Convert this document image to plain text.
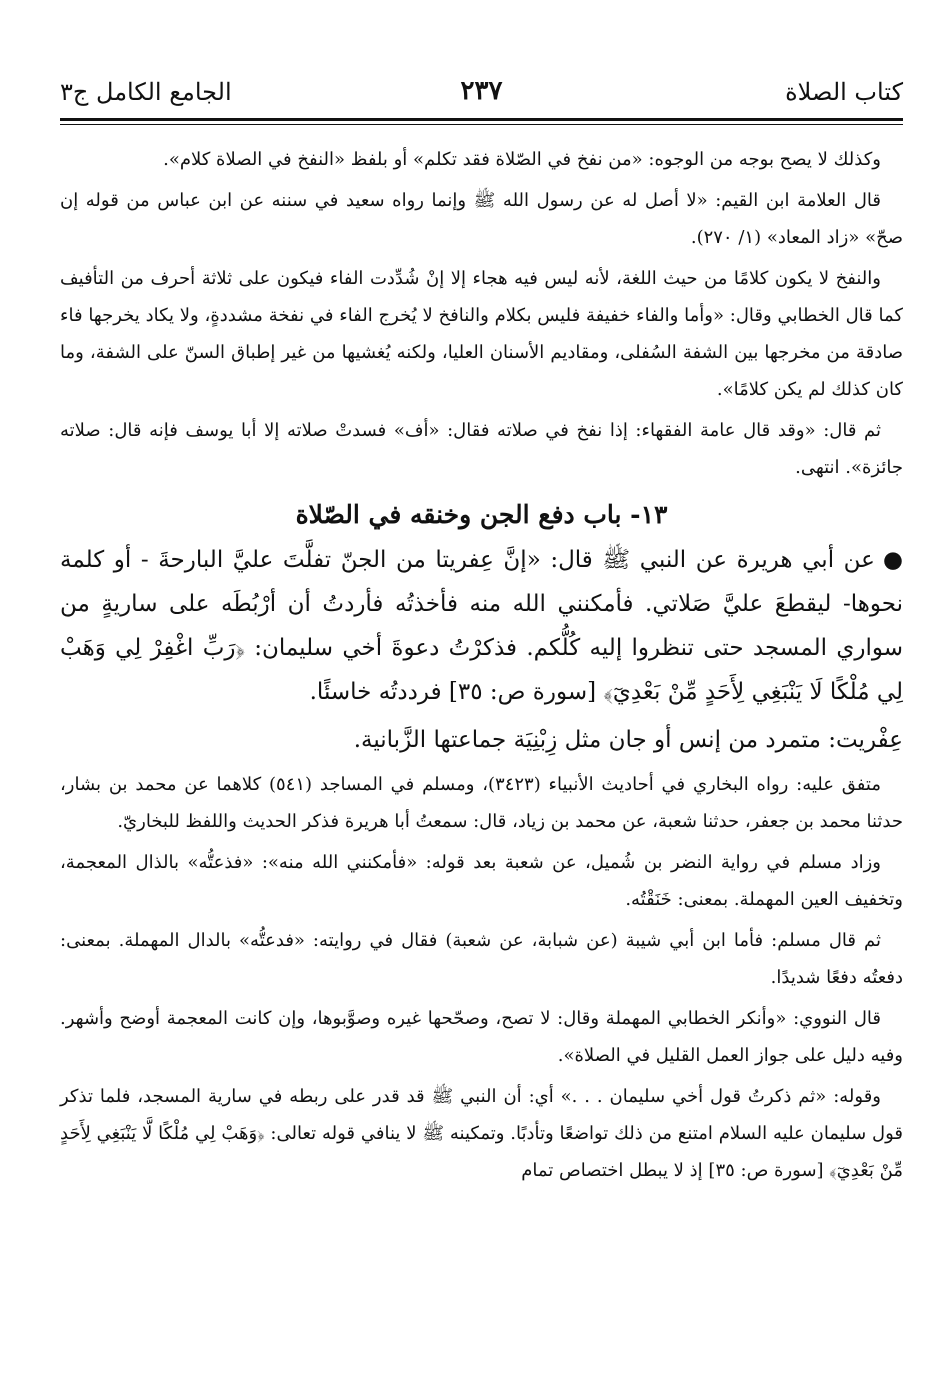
كتاب الصلاة
٢٣٧
الجامع الكامل ج٣

وكذلك لا يصح بوجه من الوجوه: «من نفخ في الصّلاة فقد تكلم» أو بلفظ «النفخ في الصلاة كلام».

قال العلامة ابن القيم: «لا أصل له عن رسول الله ﷺ وإنما رواه سعيد في سننه عن ابن عباس من قوله إن صحّ» «زاد المعاد» (١/ ٢٧٠).

والنفخ لا يكون كلامًا من حيث اللغة، لأنه ليس فيه هجاء إلا إنْ شُدِّدت الفاء فيكون على ثلاثة أحرف من التأفيف كما قال الخطابي وقال: «وأما والفاء خفيفة فليس بكلام والنافخ لا يُخرج الفاء في نفخة مشددةٍ، ولا يكاد يخرجها فاء صادقة من مخرجها بين الشفة السُفلى، ومقاديم الأسنان العليا، ولكنه يُغشيها من غير إطباق السنّ على الشفة، وما كان كذلك لم يكن كلامًا».

ثم قال: «وقد قال عامة الفقهاء: إذا نفخ في صلاته فقال: «أف» فسدتْ صلاته إلا أبا يوسف فإنه قال: صلاته جائزة». انتهى.

١٣- باب دفع الجن وخنقه في الصّلاة

●عن أبي هريرة عن النبي ﷺ قال: «إنَّ عِفريتا من الجنّ تفلَّتَ عليَّ البارحةَ - أو كلمة نحوها- ليقطعَ عليَّ صَلاتي. فأمكنني الله منه فأخذتُه فأردتُ أن أرْبُطَه على ساريةٍ من سواري المسجد حتى تنظروا إليه كُلُّكم. فذكرْتُ دعوةَ أخي سليمان: ﴿رَبِّ اغْفِرْ لِي وَهَبْ لِي مُلْكًا لَا يَنْبَغِي لِأَحَدٍ مِّنْ بَعْدِيٓ﴾ [سورة ص: ٣٥] فرددتُه خاسئًا.

عِفْريت: متمرد من إنس أو جان مثل زِبْنِيَة جماعتها الزَّبانية.

متفق عليه: رواه البخاري في أحاديث الأنبياء (٣٤٢٣)، ومسلم في المساجد (٥٤١) كلاهما عن محمد بن بشار، حدثنا محمد بن جعفر، حدثنا شعبة، عن محمد بن زياد، قال: سمعتُ أبا هريرة فذكر الحديث واللفظ للبخاريّ.

وزاد مسلم في رواية النضر بن شُميل، عن شعبة بعد قوله: «فأمكنني الله منه»: «فذعتُّه» بالذال المعجمة، وتخفيف العين المهملة. بمعنى: خَنَقْتُه.

ثم قال مسلم: فأما ابن أبي شيبة (عن شبابة، عن شعبة) فقال في روايته: «فدعتُّه» بالدال المهملة. بمعنى: دفعتُه دفعًا شديدًا.

قال النووي: «وأنكر الخطابي المهملة وقال: لا تصح، وصحّحها غيره وصوَّبوها، وإن كانت المعجمة أوضح وأشهر. وفيه دليل على جواز العمل القليل في الصلاة».

وقوله: «ثم ذكرتُ قول أخي سليمان . . .» أي: أن النبي ﷺ قد قدر على ربطه في سارية المسجد، فلما تذكر قول سليمان عليه السلام امتنع من ذلك تواضعًا وتأدبًا. وتمكينه ﷺ لا ينافي قوله تعالى: ﴿وَهَبْ لِي مُلْكًا لَّا يَنْبَغِي لِأَحَدٍ مِّنْ بَعْدِيٓ﴾ [سورة ص: ٣٥] إذ لا يبطل اختصاص تمام
